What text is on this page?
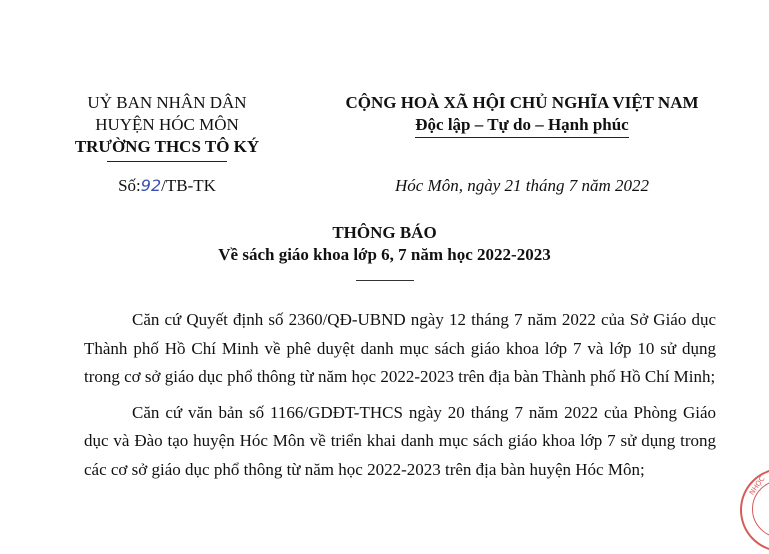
UỶ BAN NHÂN DÂN
HUYỆN HÓC MÔN
TRƯỜNG THCS TÔ KÝ
CỘNG HOÀ XÃ HỘI CHỦ NGHĨA VIỆT NAM
Độc lập – Tự do – Hạnh phúc
Số:92/TB-TK	Hóc Môn, ngày 21 tháng 7 năm 2022
THÔNG BÁO
Về sách giáo khoa lớp 6, 7 năm học 2022-2023

Căn cứ Quyết định số 2360/QĐ-UBND ngày 12 tháng 7 năm 2022 của Sở Giáo dục Thành phố Hồ Chí Minh về phê duyệt danh mục sách giáo khoa lớp 7 và lớp 10 sử dụng trong cơ sở giáo dục phổ thông từ năm học 2022-2023 trên địa bàn Thành phố Hồ Chí Minh;

Căn cứ văn bản số 1166/GDĐT-THCS ngày 20 tháng 7 năm 2022 của Phòng Giáo dục và Đào tạo huyện Hóc Môn về triển khai danh mục sách giáo khoa lớp 7 sử dụng trong các cơ sở giáo dục phổ thông từ năm học 2022-2023 trên địa bàn huyện Hóc Môn;

NHỌC
